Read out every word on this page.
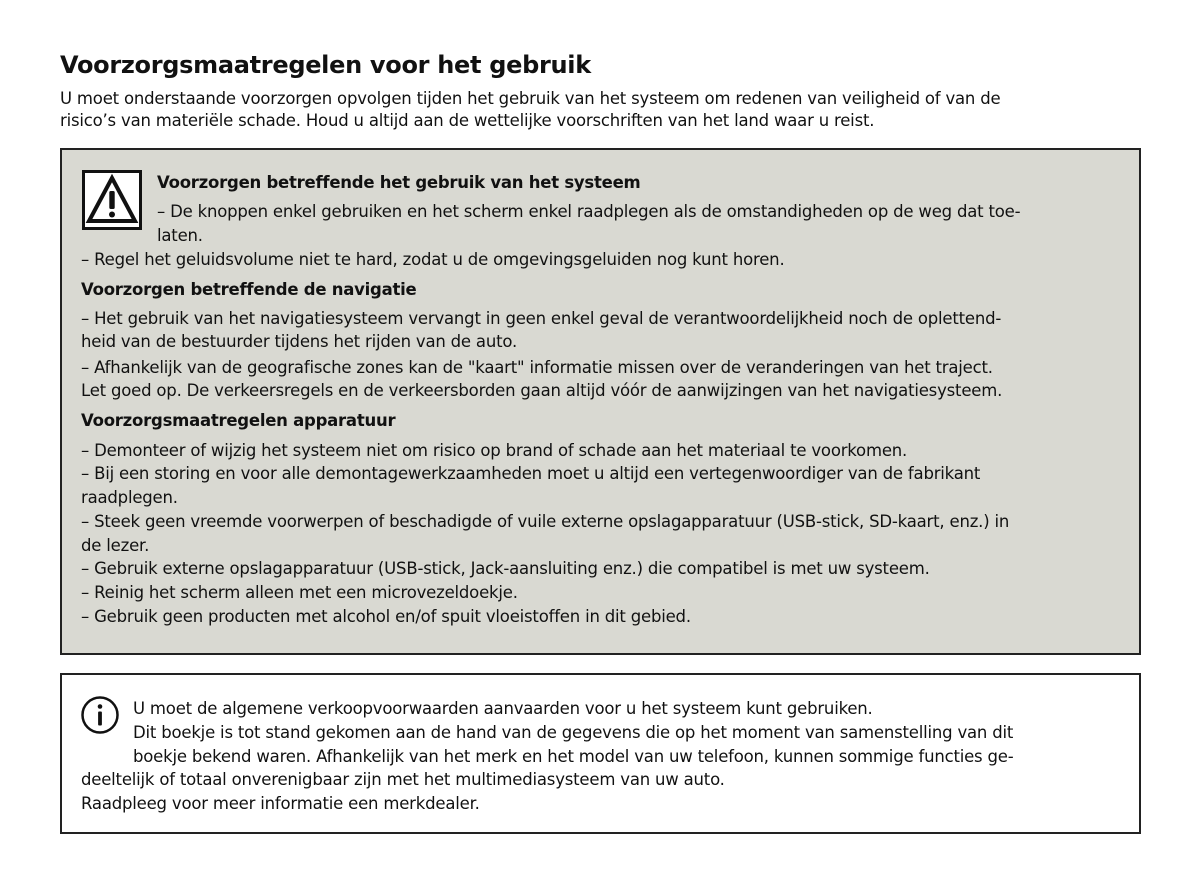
Voorzorgsmaatregelen voor het gebruik

U moet onderstaande voorzorgen opvolgen tijden het gebruik van het systeem om redenen van veiligheid of van de
risico’s van materiële schade. Houd u altijd aan de wettelijke voorschriften van het land waar u reist.

Voorzorgen betreffende het gebruik van het systeem
– De knoppen enkel gebruiken en het scherm enkel raadplegen als de omstandigheden op de weg dat toe-
laten.
– Regel het geluidsvolume niet te hard, zodat u de omgevingsgeluiden nog kunt horen.
Voorzorgen betreffende de navigatie
– Het gebruik van het navigatiesysteem vervangt in geen enkel geval de verantwoordelijkheid noch de oplettend-
heid van de bestuurder tijdens het rijden van de auto.
– Afhankelijk van de geografische zones kan de "kaart" informatie missen over de veranderingen van het traject.
Let goed op. De verkeersregels en de verkeersborden gaan altijd vóór de aanwijzingen van het navigatiesysteem.
Voorzorgsmaatregelen apparatuur
– Demonteer of wijzig het systeem niet om risico op brand of schade aan het materiaal te voorkomen.
– Bij een storing en voor alle demontagewerkzaamheden moet u altijd een vertegenwoordiger van de fabrikant
raadplegen.
– Steek geen vreemde voorwerpen of beschadigde of vuile externe opslagapparatuur (USB-stick, SD-kaart, enz.) in
de lezer.
– Gebruik externe opslagapparatuur (USB-stick, Jack-aansluiting enz.) die compatibel is met uw systeem.
– Reinig het scherm alleen met een microvezeldoekje.
– Gebruik geen producten met alcohol en/of spuit vloeistoffen in dit gebied.
U moet de algemene verkoopvoorwaarden aanvaarden voor u het systeem kunt gebruiken.
Dit boekje is tot stand gekomen aan de hand van de gegevens die op het moment van samenstelling van dit
boekje bekend waren. Afhankelijk van het merk en het model van uw telefoon, kunnen sommige functies ge-
deeltelijk of totaal onverenigbaar zijn met het multimediasysteem van uw auto.
Raadpleeg voor meer informatie een merkdealer.
